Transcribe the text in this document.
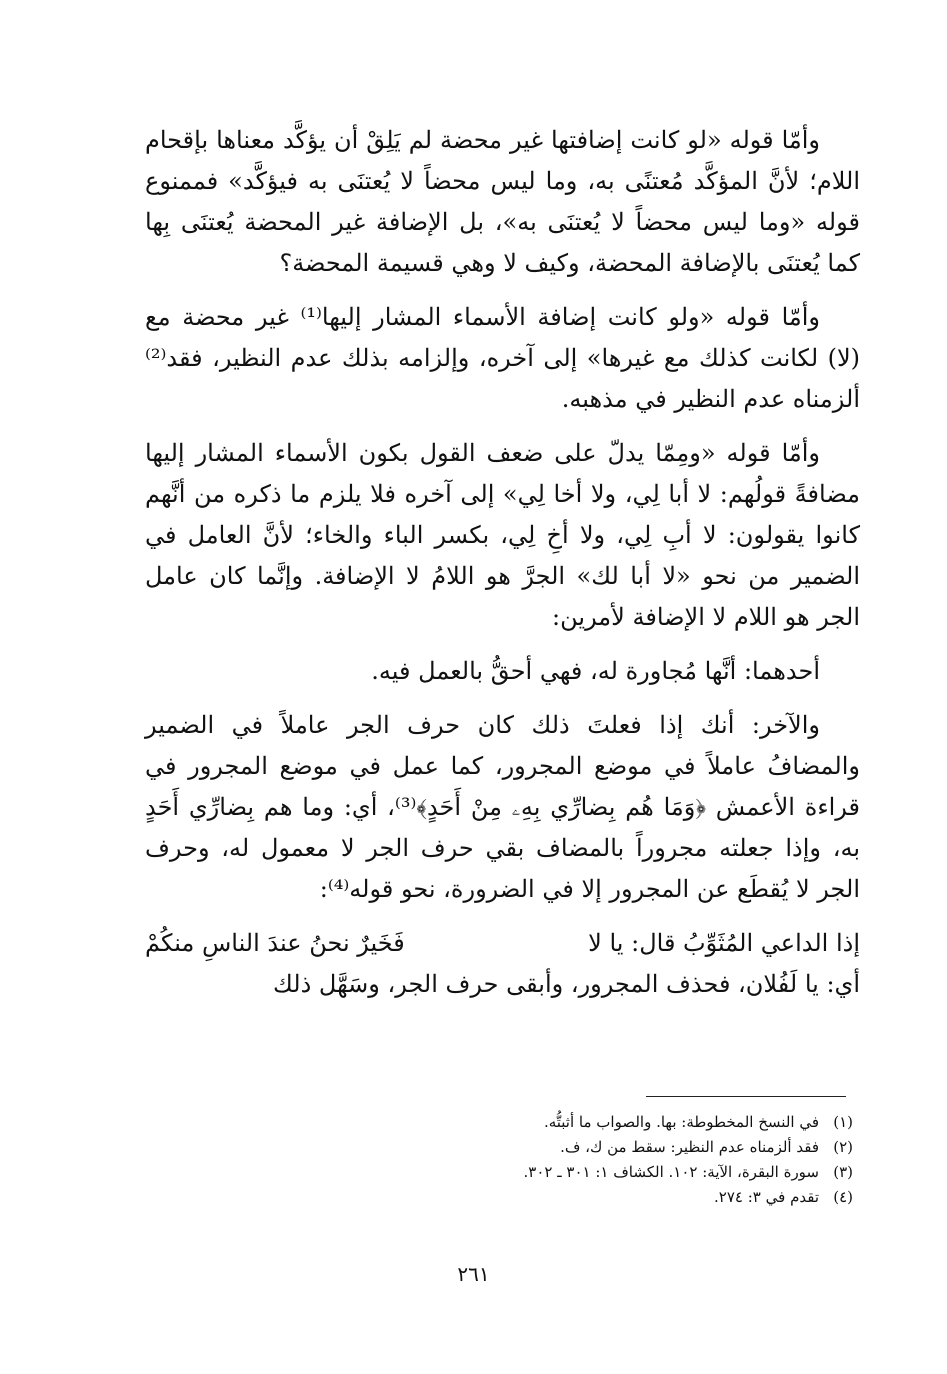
وأمّا قوله «لو كانت إضافتها غير محضة لم يَلِقْ أن يؤكَّد معناها بإقحام اللام؛ لأنَّ المؤكَّد مُعتنًى به، وما ليس محضاً لا يُعتنَى به فيؤكَّد» فممنوع قوله «وما ليس محضاً لا يُعتنَى به»، بل الإضافة غير المحضة يُعتنَى بِها كما يُعتنَى بالإضافة المحضة، وكيف لا وهي قسيمة المحضة؟

وأمّا قوله «ولو كانت إضافة الأسماء المشار إليها⁽¹⁾ غير محضة مع (لا) لكانت كذلك مع غيرها» إلى آخره، وإلزامه بذلك عدم النظير، فقد⁽²⁾ ألزمناه عدم النظير في مذهبه.

وأمّا قوله «ومِمّا يدلّ على ضعف القول بكون الأسماء المشار إليها مضافةً قولُهم: لا أبا لِي، ولا أخا لِي» إلى آخره فلا يلزم ما ذكره من أنَّهم كانوا يقولون: لا أبِ لِي، ولا أخِ لِي، بكسر الباء والخاء؛ لأنَّ العامل في الضمير من نحو «لا أبا لك» الجرَّ هو اللامُ لا الإضافة. وإنَّما كان عامل الجر هو اللام لا الإضافة لأمرين:

أحدهما: أنَّها مُجاورة له، فهي أحقُّ بالعمل فيه.

والآخر: أنك إذا فعلتَ ذلك كان حرف الجر عاملاً في الضمير والمضافُ عاملاً في موضع المجرور، كما عمل في موضع المجرور في قراءة الأعمش ﴿وَمَا هُم بِضارِّي بِهِۦ مِنْ أَحَدٍ﴾⁽³⁾، أي: وما هم بِضارِّي أَحَدٍ به، وإذا جعلته مجروراً بالمضاف بقي حرف الجر لا معمول له، وحرف الجر لا يُقطَع عن المجرور إلا في الضرورة، نحو قوله⁽⁴⁾:

إذا الداعي المُثَوِّبُ قال: يا لا
فَخَيرٌ نحنُ عندَ الناسِ منكُمْ

أي: يا لَفُلان، فحذف المجرور، وأبقى حرف الجر، وسَهَّل ذلك

(١)
في النسخ المخطوطة: بها. والصواب ما أثبتُّه.
(٢)
فقد ألزمناه عدم النظير: سقط من ك، ف.
(٣)
سورة البقرة، الآية: ١٠٢. الكشاف ١: ٣٠١ ـ ٣٠٢.
(٤)
تقدم في ٣: ٢٧٤.
٢٦١
